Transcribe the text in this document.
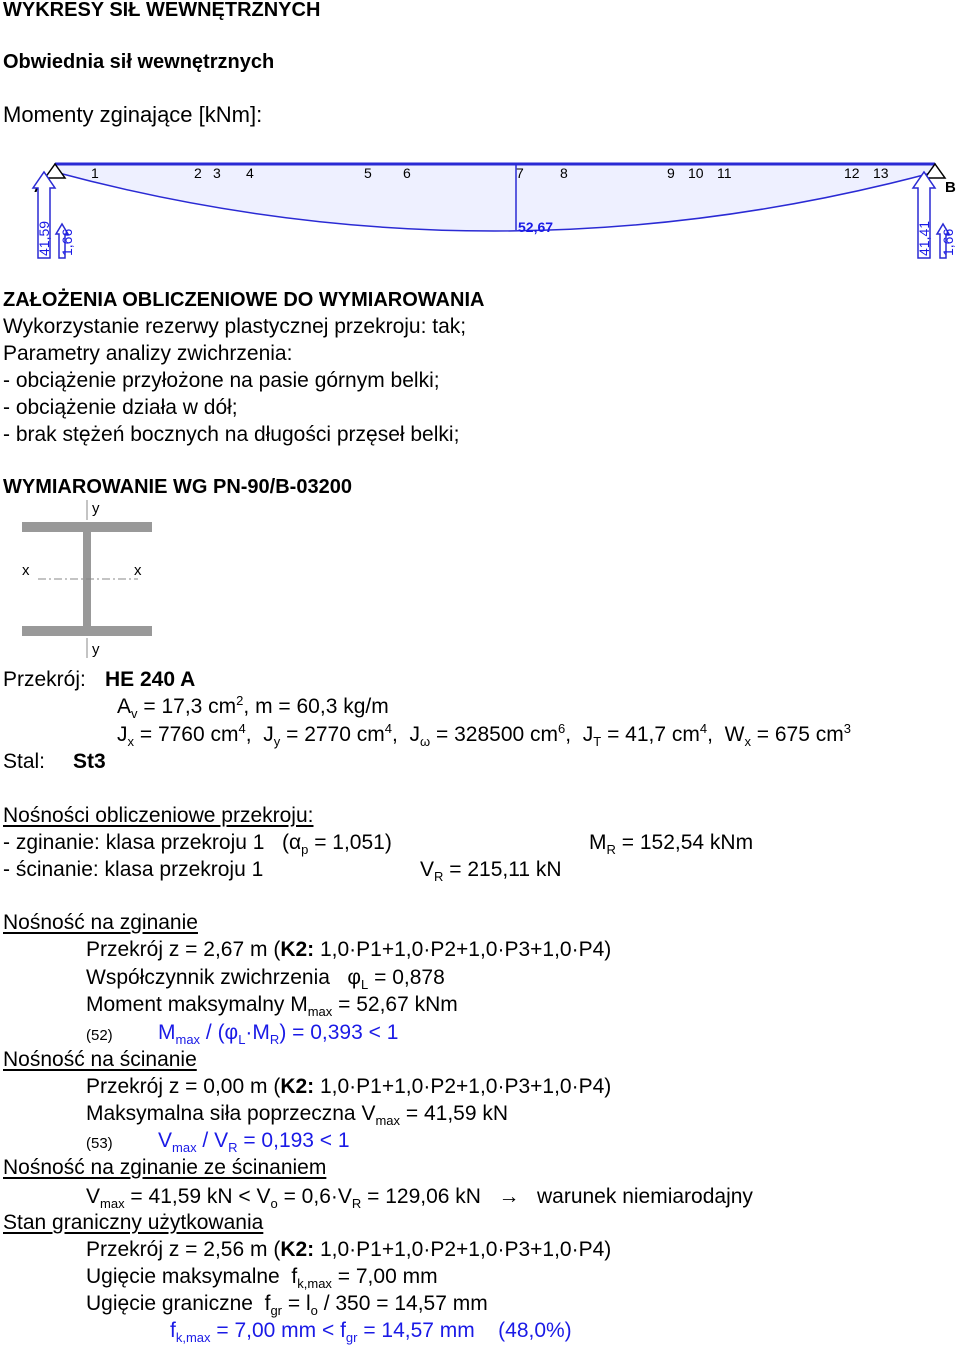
WYKRESY SIŁ WEWNĘTRZNYCH
Obwiednia sił wewnętrznych
Momenty zginające [kNm]:
B
1	2 3 4	5 6	7	8	9 10 11	12 13
52,67
41,59 1,66	41,41 1,66
ZAŁOŻENIA OBLICZENIOWE DO WYMIAROWANIA
Wykorzystanie rezerwy plastycznej przekroju: tak;
Parametry analizy zwichrzenia:
- obciążenie przyłożone na pasie górnym belki;
- obciążenie działa w dół;
- brak stężeń bocznych na długości przęseł belki;
WYMIAROWANIE WG PN-90/B-03200
y
y
x	x
Przekrój: HE 240 A
$A_v = 17,3$ $cm^2$, m = 60,3 kg/m
$J_x = 7760$ $cm^4$,  $J_y = 2770$ $cm^4$,  $J_\omega = 328500$ $cm^6$,  $J_T = 41,7$ $cm^4$,  $W_x = 675$ $cm^3$
Stal: St3
Nośności obliczeniowe przekroju:
- zginanie: klasa przekroju 1   $(\alpha_p = 1,051)$	$M_R = 152,54$ kNm
- ścinanie: klasa przekroju 1	$V_R = 215,11$ kN
Nośność na zginanie
Przekrój z = 2,67 m (K2: 1,0·P1+1,0·P2+1,0·P3+1,0·P4)
Współczynnik zwichrzenia   $\varphi_L = 0,878$
Moment maksymalny $M_{max} = 52,67$ kNm
(52) $M_{max} / (\varphi_L\cdot M_R) = 0,393 < 1$
Nośność na ścinanie
Przekrój z = 0,00 m (K2: 1,0·P1+1,0·P2+1,0·P3+1,0·P4)
Maksymalna siła poprzeczna $V_{max} = 41,59$ kN
(53) $V_{max} / V_R = 0,193 < 1$
Nośność na zginanie ze ścinaniem
$V_{max} = 41,59$ kN < $V_o = 0,6\cdot V_R = 129,06$ kN → warunek niemiarodajny
Stan graniczny użytkowania
Przekrój z = 2,56 m (K2: 1,0·P1+1,0·P2+1,0·P3+1,0·P4)
Ugięcie maksymalne  $f_{k,max} = 7,00$ mm
Ugięcie graniczne  $f_{gr} = l_o / 350 = 14,57$ mm
$f_{k,max} = 7,00$ mm < $f_{gr} = 14,57$ mm (48,0%)
